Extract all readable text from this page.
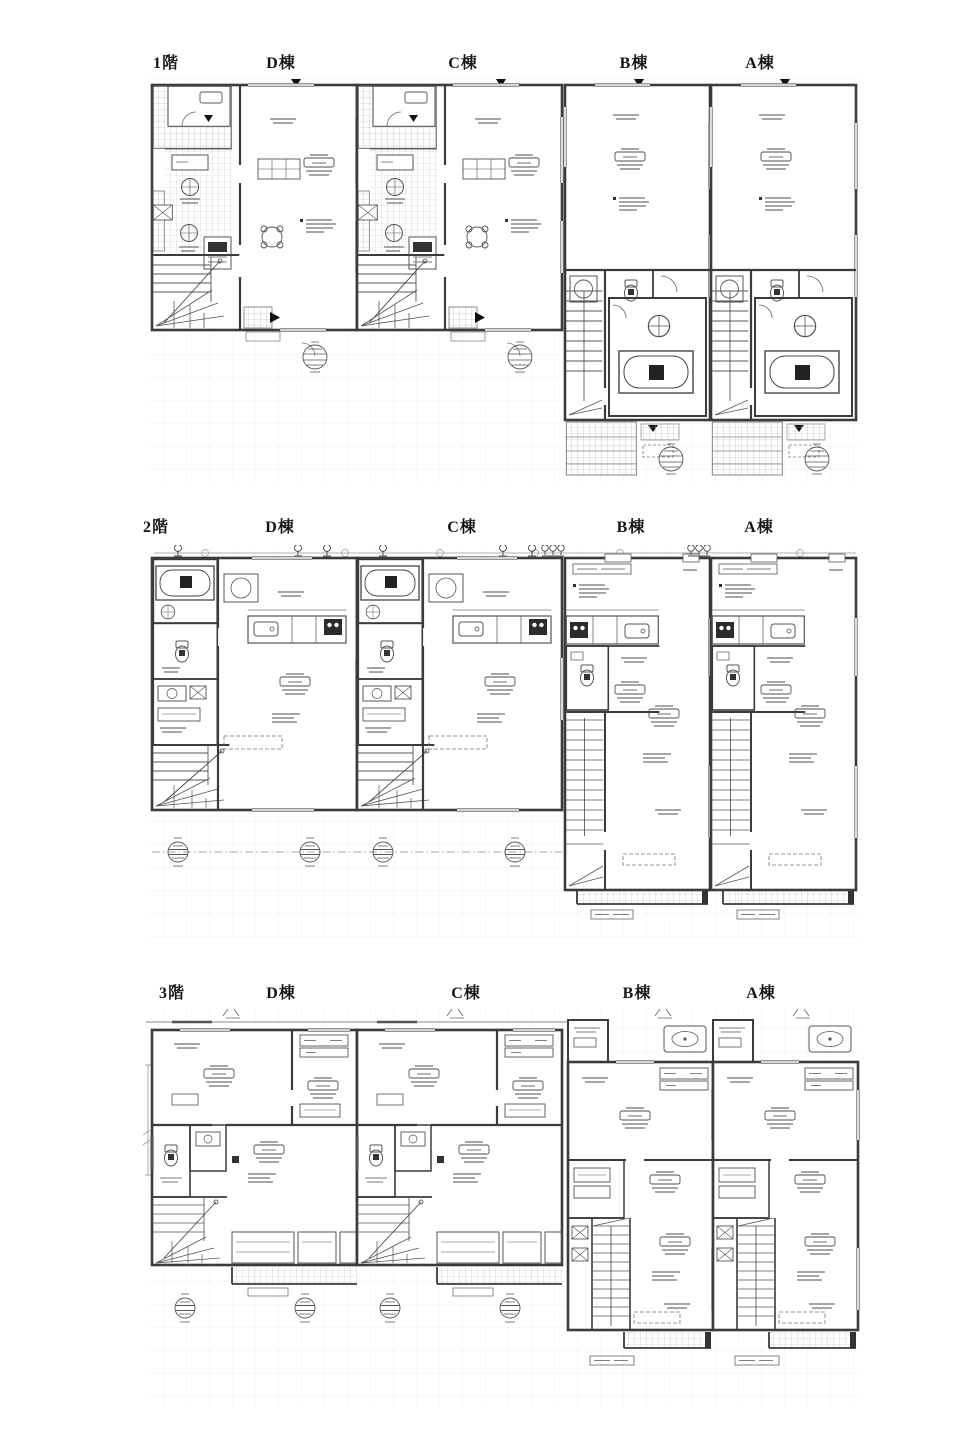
1階	D棟	C棟	B棟	A棟
2階	D棟	C棟	B棟	A棟
3階	D棟	C棟	B棟	A棟
